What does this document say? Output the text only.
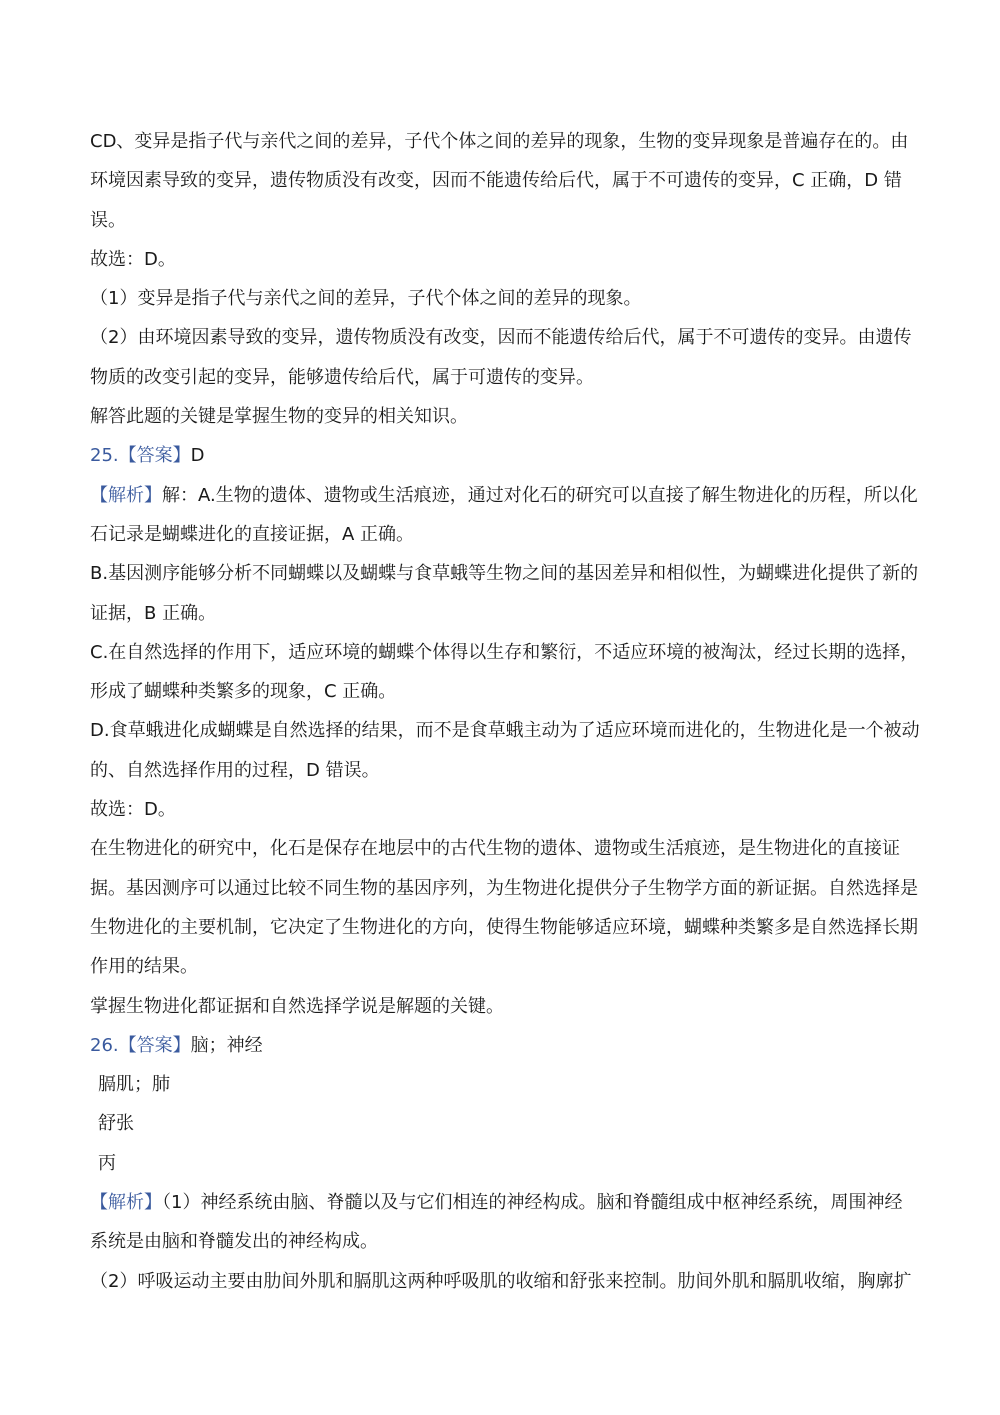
CD、变异是指子代与亲代之间的差异，子代个体之间的差异的现象，生物的变异现象是普遍存在的。由
环境因素导致的变异，遗传物质没有改变，因而不能遗传给后代，属于不可遗传的变异，C 正确，D 错
误。
故选：D。
（1）变异是指子代与亲代之间的差异，子代个体之间的差异的现象。
（2）由环境因素导致的变异，遗传物质没有改变，因而不能遗传给后代，属于不可遗传的变异。由遗传
物质的改变引起的变异，能够遗传给后代，属于可遗传的变异。
解答此题的关键是掌握生物的变异的相关知识。
25.【答案】D
【解析】解：A.生物的遗体、遗物或生活痕迹，通过对化石的研究可以直接了解生物进化的历程，所以化
石记录是蝴蝶进化的直接证据，A 正确。
B.基因测序能够分析不同蝴蝶以及蝴蝶与食草蛾等生物之间的基因差异和相似性，为蝴蝶进化提供了新的
证据，B 正确。
C.在自然选择的作用下，适应环境的蝴蝶个体得以生存和繁衍，不适应环境的被淘汰，经过长期的选择，
形成了蝴蝶种类繁多的现象，C 正确。
D.食草蛾进化成蝴蝶是自然选择的结果，而不是食草蛾主动为了适应环境而进化的，生物进化是一个被动
的、自然选择作用的过程，D 错误。
故选：D。
在生物进化的研究中，化石是保存在地层中的古代生物的遗体、遗物或生活痕迹，是生物进化的直接证
据。基因测序可以通过比较不同生物的基因序列，为生物进化提供分子生物学方面的新证据。自然选择是
生物进化的主要机制，它决定了生物进化的方向，使得生物能够适应环境，蝴蝶种类繁多是自然选择长期
作用的结果。
掌握生物进化都证据和自然选择学说是解题的关键。
26.【答案】脑；神经
膈肌；肺
舒张
丙
【解析】（1）神经系统由脑、脊髓以及与它们相连的神经构成。脑和脊髓组成中枢神经系统，周围神经
系统是由脑和脊髓发出的神经构成。
（2）呼吸运动主要由肋间外肌和膈肌这两种呼吸肌的收缩和舒张来控制。肋间外肌和膈肌收缩，胸廓扩
